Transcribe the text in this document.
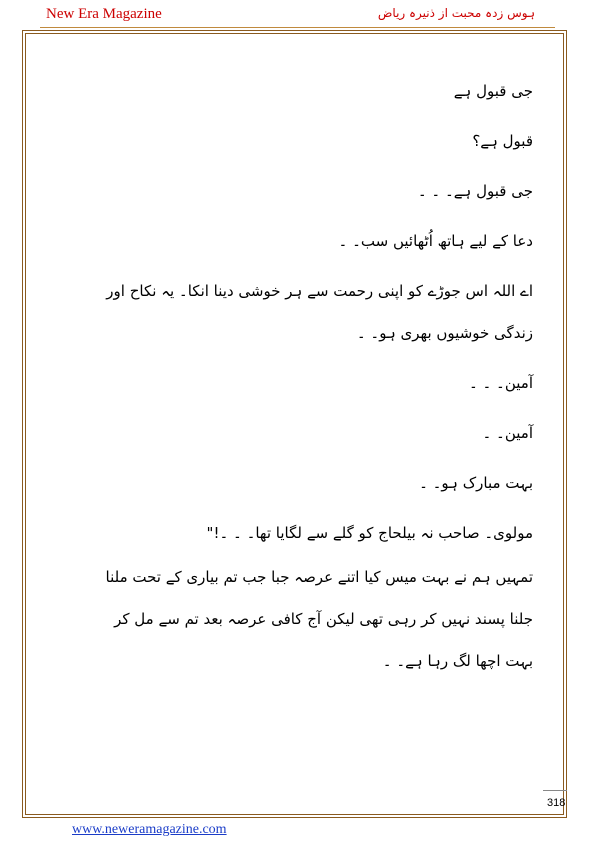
New Era Magazine	ہوس زدہ محبت از ذنیرہ ریاض
جی قبول ہے
قبول ہے؟
جی قبول ہے۔ ۔ ۔
دعا کے لیے ہاتھ اُٹھائیں سب۔ ۔
اے اللہ اس جوڑے کو اپنی رحمت سے ہر خوشی دینا انکا۔ یہ نکاح اور
زندگی خوشیوں بھری ہو۔ ۔
آمین۔ ۔ ۔
آمین۔ ۔
بہت مبارک ہو۔ ۔
مولوی۔ صاحب نہ بیلحاج کو گلے سے لگایا تھا۔ ۔ ۔!"
تمہیں ہم نے بہت میس کیا اتنے عرصہ جبا جب تم بیاری کے تحت ملنا
جلنا پسند نہیں کر رہی تھی لیکن آج کافی عرصہ بعد تم سے مل کر
بہت اچھا لگ رہا ہے۔ ۔
318
www.neweramagazine.com
